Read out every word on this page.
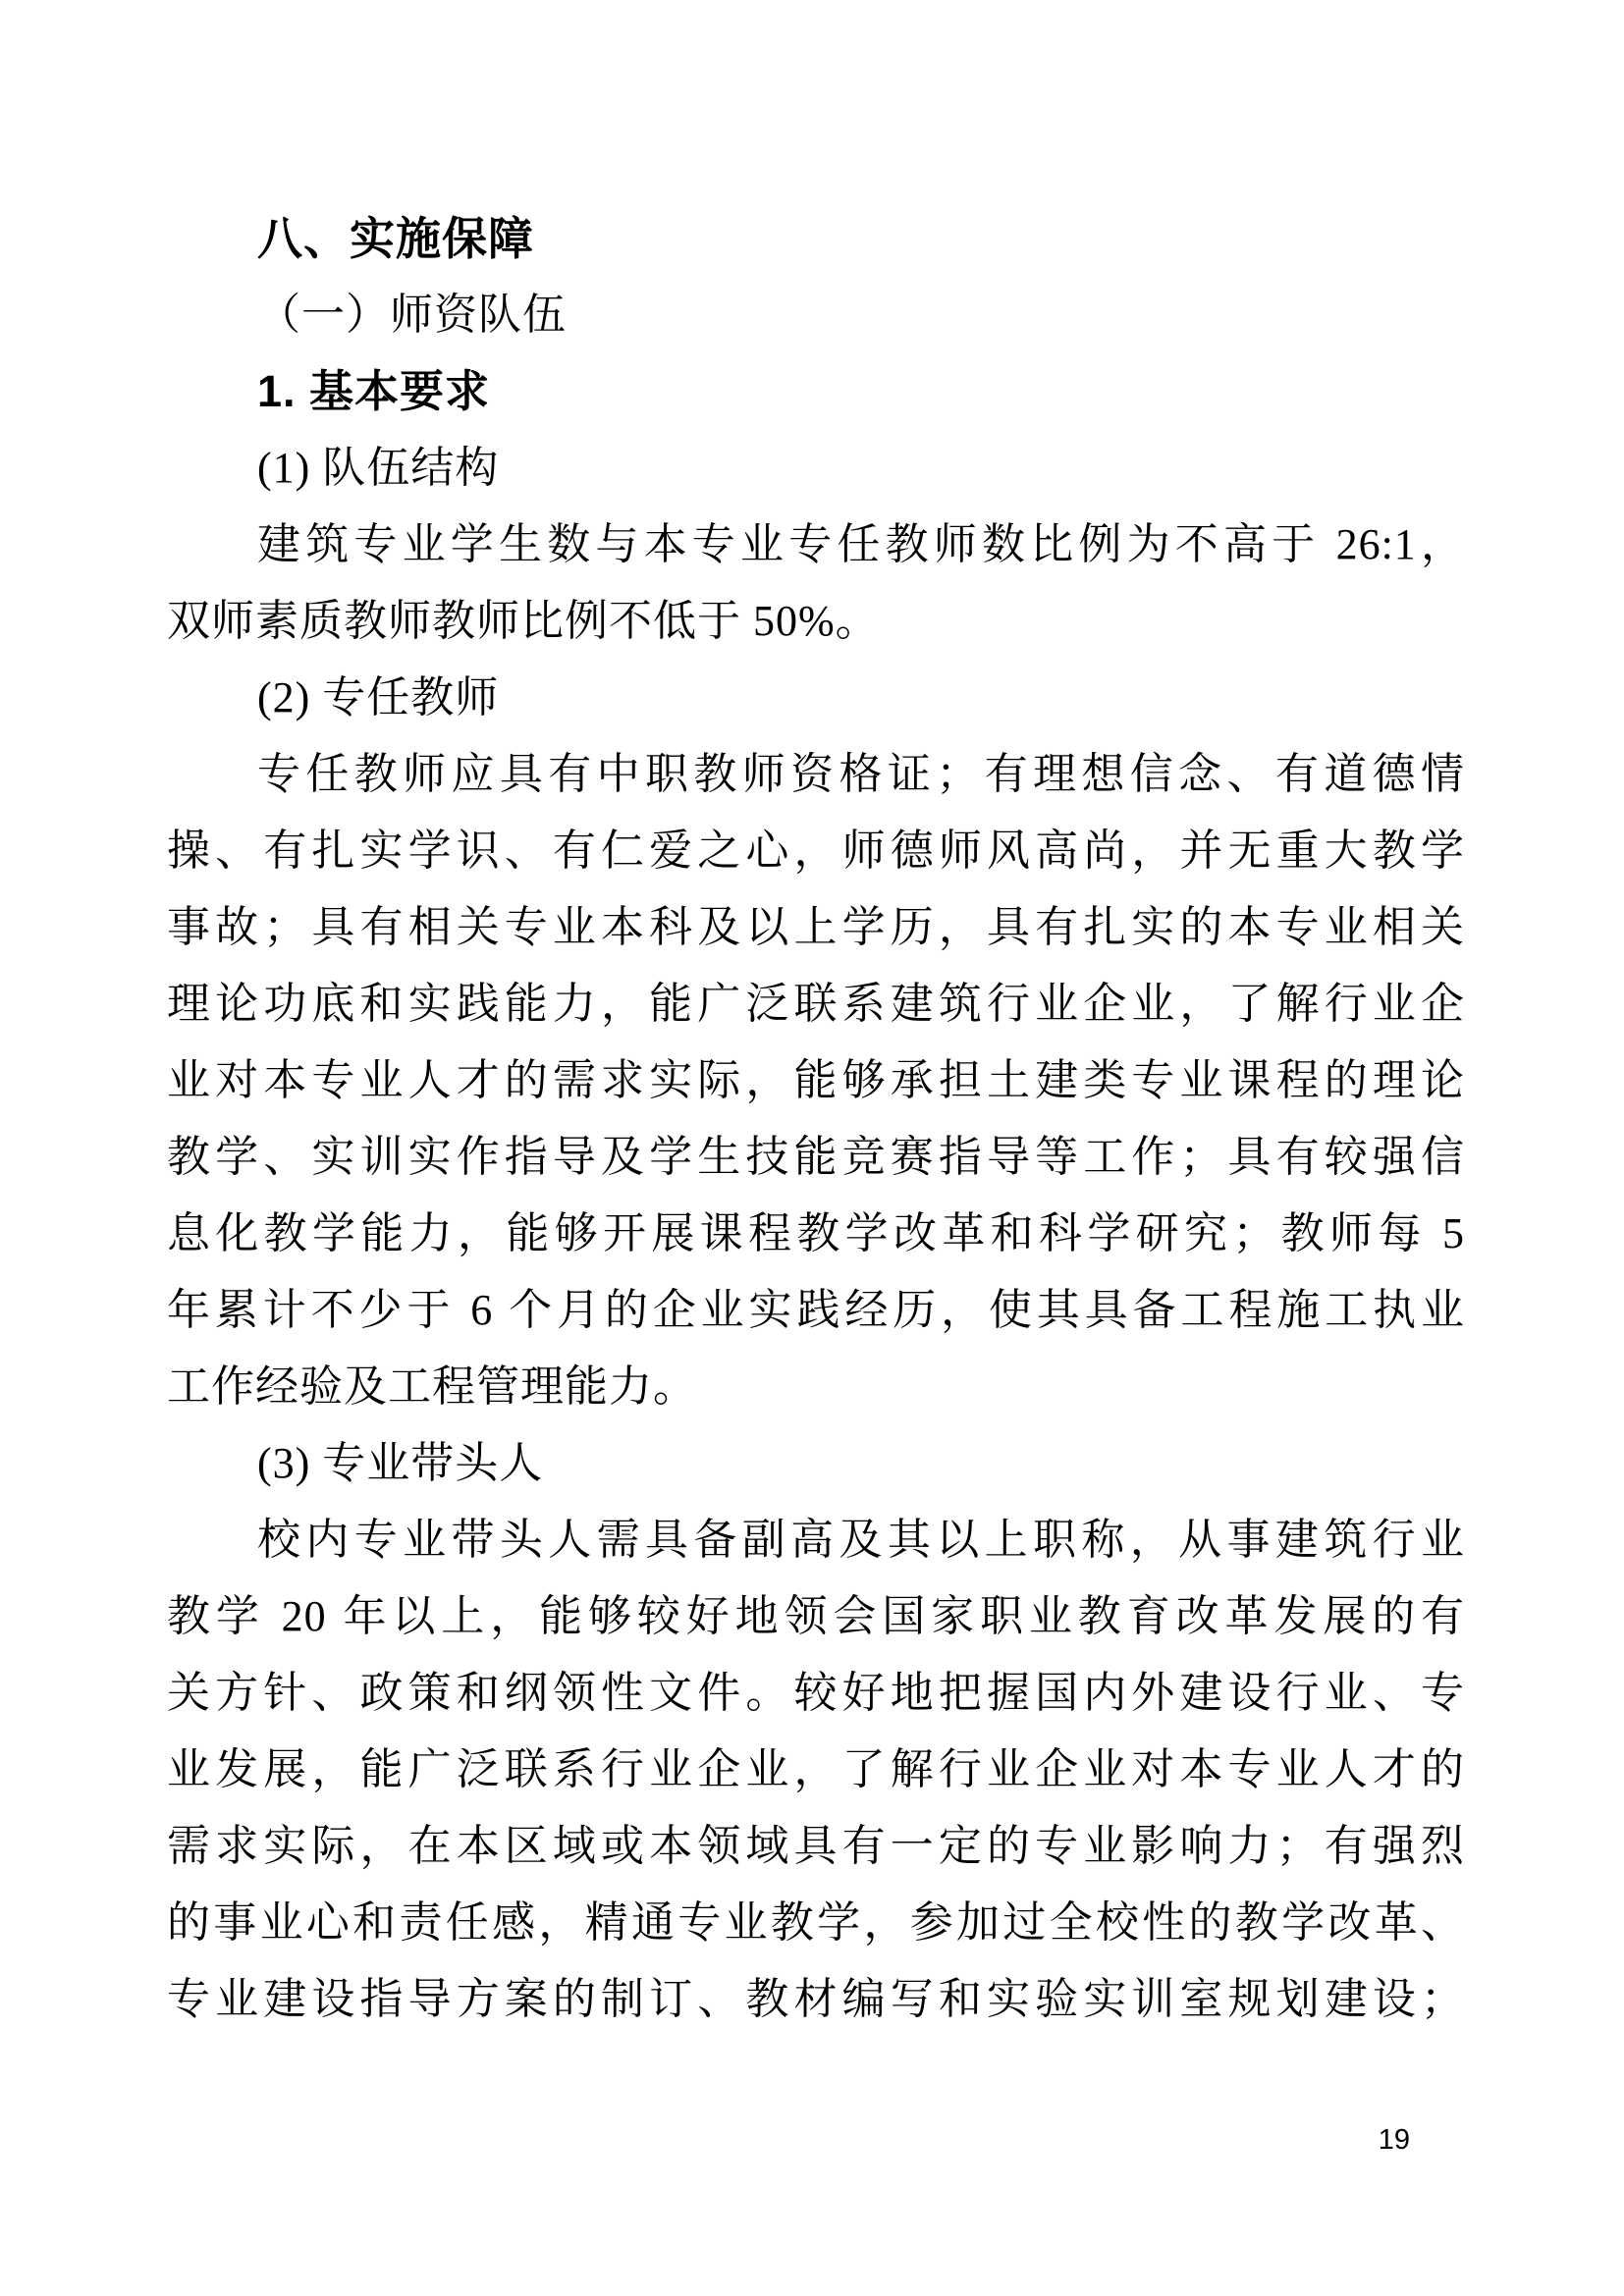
八、实施保障
（一）师资队伍
1. 基本要求
(1) 队伍结构
建筑专业学生数与本专业专任教师数比例为不高于 26:1，
双师素质教师教师比例不低于 50%。
(2) 专任教师
专任教师应具有中职教师资格证；有理想信念、有道德情
操、有扎实学识、有仁爱之心，师德师风高尚，并无重大教学
事故；具有相关专业本科及以上学历，具有扎实的本专业相关
理论功底和实践能力，能广泛联系建筑行业企业，了解行业企
业对本专业人才的需求实际，能够承担土建类专业课程的理论
教学、实训实作指导及学生技能竞赛指导等工作；具有较强信
息化教学能力，能够开展课程教学改革和科学研究；教师每 5
年累计不少于 6 个月的企业实践经历，使其具备工程施工执业
工作经验及工程管理能力。
(3) 专业带头人
校内专业带头人需具备副高及其以上职称，从事建筑行业
教学 20 年以上，能够较好地领会国家职业教育改革发展的有
关方针、政策和纲领性文件。较好地把握国内外建设行业、专
业发展，能广泛联系行业企业，了解行业企业对本专业人才的
需求实际，在本区域或本领域具有一定的专业影响力；有强烈
的事业心和责任感，精通专业教学，参加过全校性的教学改革、
专业建设指导方案的制订、教材编写和实验实训室规划建设；
19
